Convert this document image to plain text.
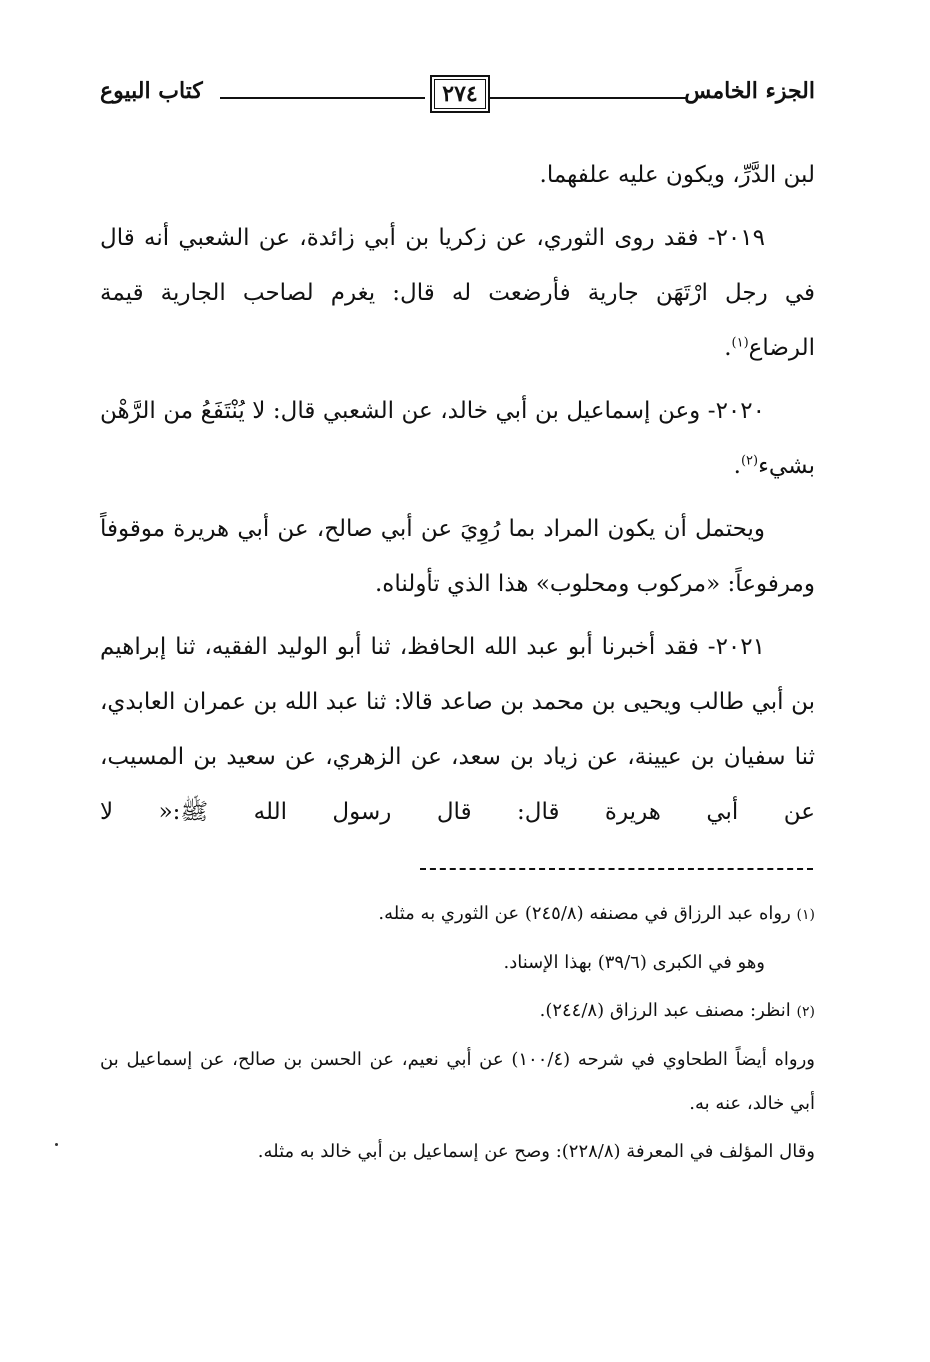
الجزء الخامس
٢٧٤
كتاب البيوع

لبن الدَّرِّ، ويكون عليه علفهما.

٢٠١٩- فقد روى الثوري، عن زكريا بن أبي زائدة، عن الشعبي أنه قال في رجل ارْتَهَن جارية فأرضعت له قال: يغرم لصاحب الجارية قيمة الرضاع$^{(١)}$.

٢٠٢٠- وعن إسماعيل بن أبي خالد، عن الشعبي قال: لا يُنْتَفَعُ من الرَّهْن بشيء$^{(٢)}$.

ويحتمل أن يكون المراد بما رُوِيَ عن أبي صالح، عن أبي هريرة موقوفاً ومرفوعاً: «مركوب ومحلوب» هذا الذي تأولناه.

٢٠٢١- فقد أخبرنا أبو عبد الله الحافظ، ثنا أبو الوليد الفقيه، ثنا إبراهيم بن أبي طالب ويحيى بن محمد بن صاعد قالا: ثنا عبد الله بن عمران العابدي، ثنا سفيان بن عيينة، عن زياد بن سعد، عن الزهري، عن سعيد بن المسيب، عن أبي هريرة قال: قال رسول الله ﷺ:« لا

(١) رواه عبد الرزاق في مصنفه (٢٤٥/٨) عن الثوري به مثله.

وهو في الكبرى (٣٩/٦) بهذا الإسناد.

(٢) انظر: مصنف عبد الرزاق (٢٤٤/٨).

ورواه أيضاً الطحاوي في شرحه (١٠٠/٤) عن أبي نعيم، عن الحسن بن صالح، عن إسماعيل بن أبي خالد، عنه به.

وقال المؤلف في المعرفة (٢٢٨/٨): وصح عن إسماعيل بن أبي خالد به مثله.
